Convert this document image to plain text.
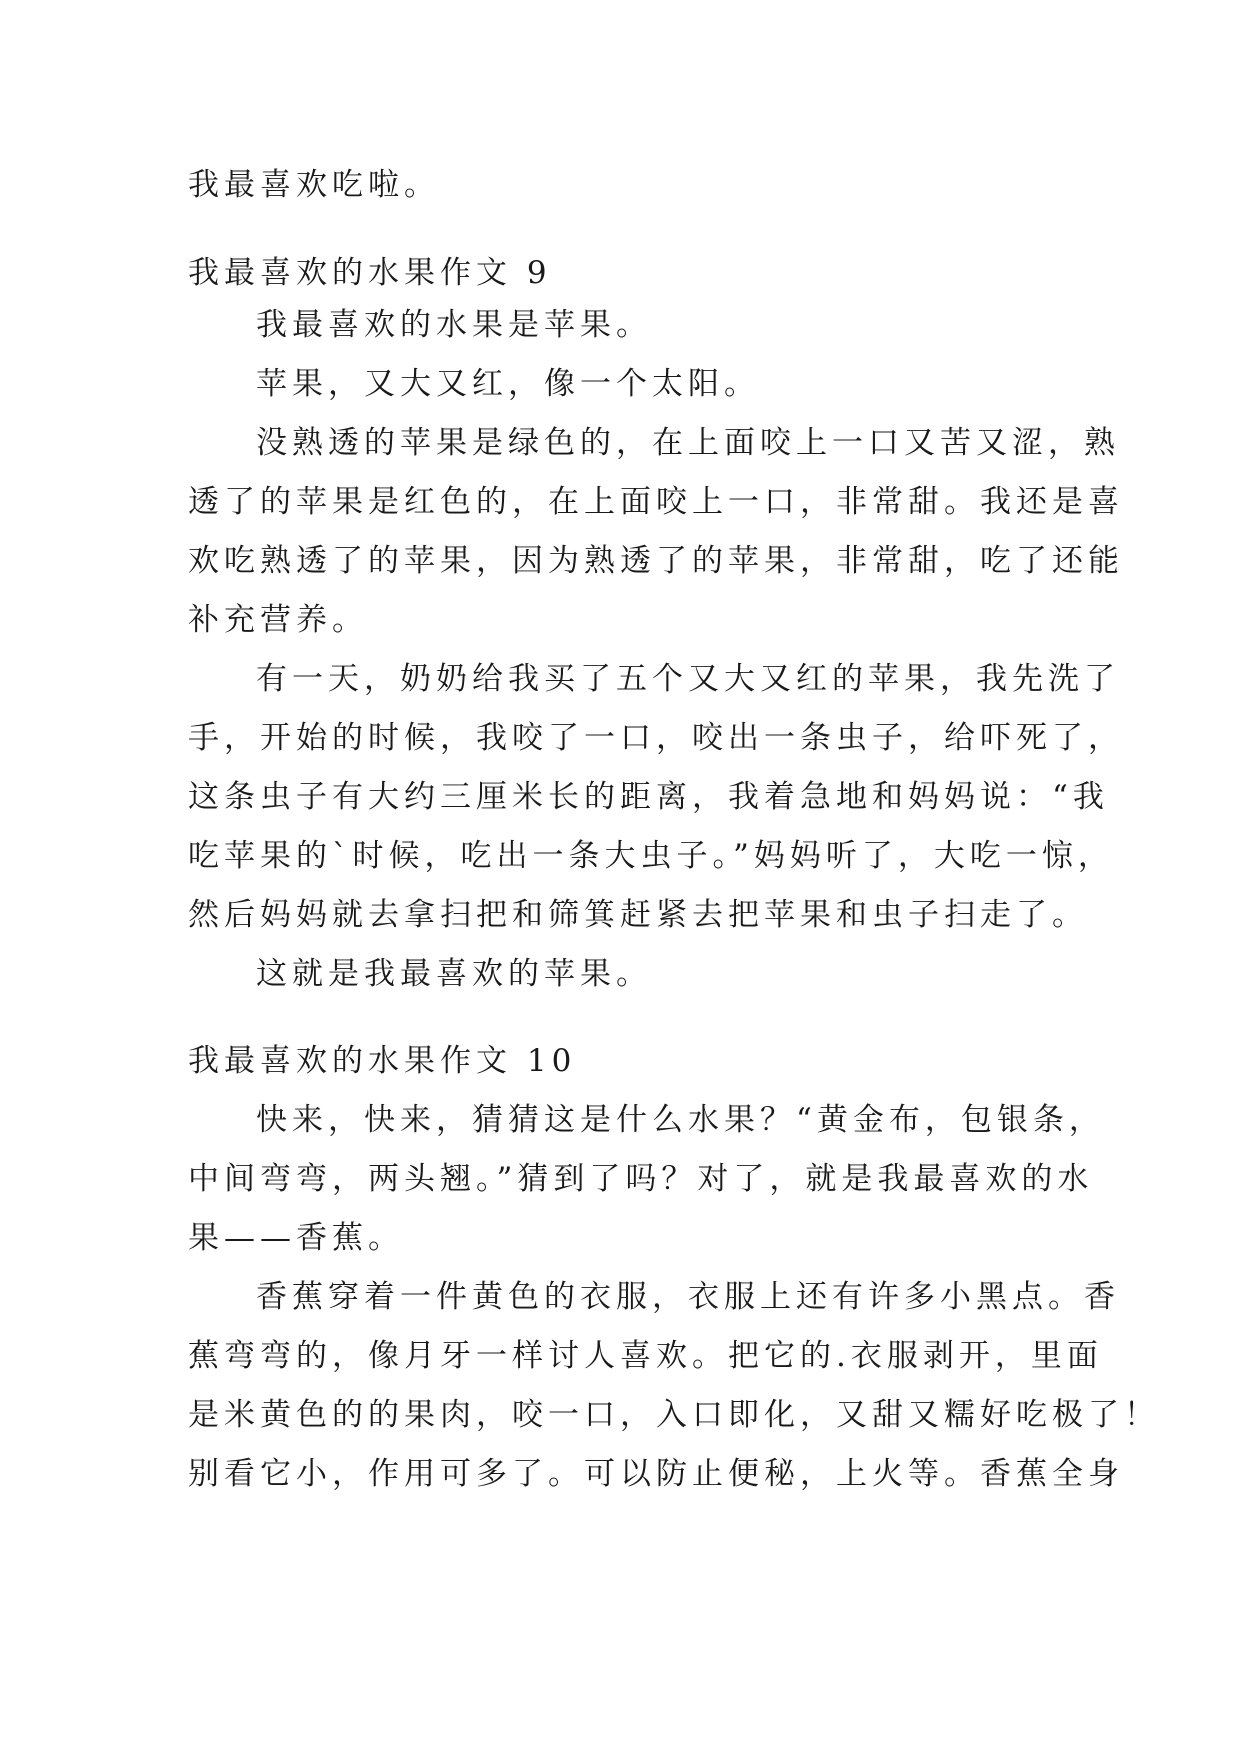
我最喜欢吃啦。
我最喜欢的水果作文 9
我最喜欢的水果是苹果。
苹果，又大又红，像一个太阳。
没熟透的苹果是绿色的，在上面咬上一口又苦又涩，熟
透了的苹果是红色的，在上面咬上一口，非常甜。我还是喜
欢吃熟透了的苹果，因为熟透了的苹果，非常甜，吃了还能
补充营养。
有一天，奶奶给我买了五个又大又红的苹果，我先洗了
手，开始的时候，我咬了一口，咬出一条虫子，给吓死了，
这条虫子有大约三厘米长的距离，我着急地和妈妈说：“我
吃苹果的`时候，吃出一条大虫子。”妈妈听了，大吃一惊，
然后妈妈就去拿扫把和筛箕赶紧去把苹果和虫子扫走了。
这就是我最喜欢的苹果。
我最喜欢的水果作文 10
快来，快来，猜猜这是什么水果？“黄金布，包银条，
中间弯弯，两头翘。”猜到了吗？对了，就是我最喜欢的水
果——香蕉。
香蕉穿着一件黄色的衣服，衣服上还有许多小黑点。香
蕉弯弯的，像月牙一样讨人喜欢。把它的.衣服剥开，里面
是米黄色的的果肉，咬一口，入口即化，又甜又糯好吃极了！
别看它小，作用可多了。可以防止便秘，上火等。香蕉全身
